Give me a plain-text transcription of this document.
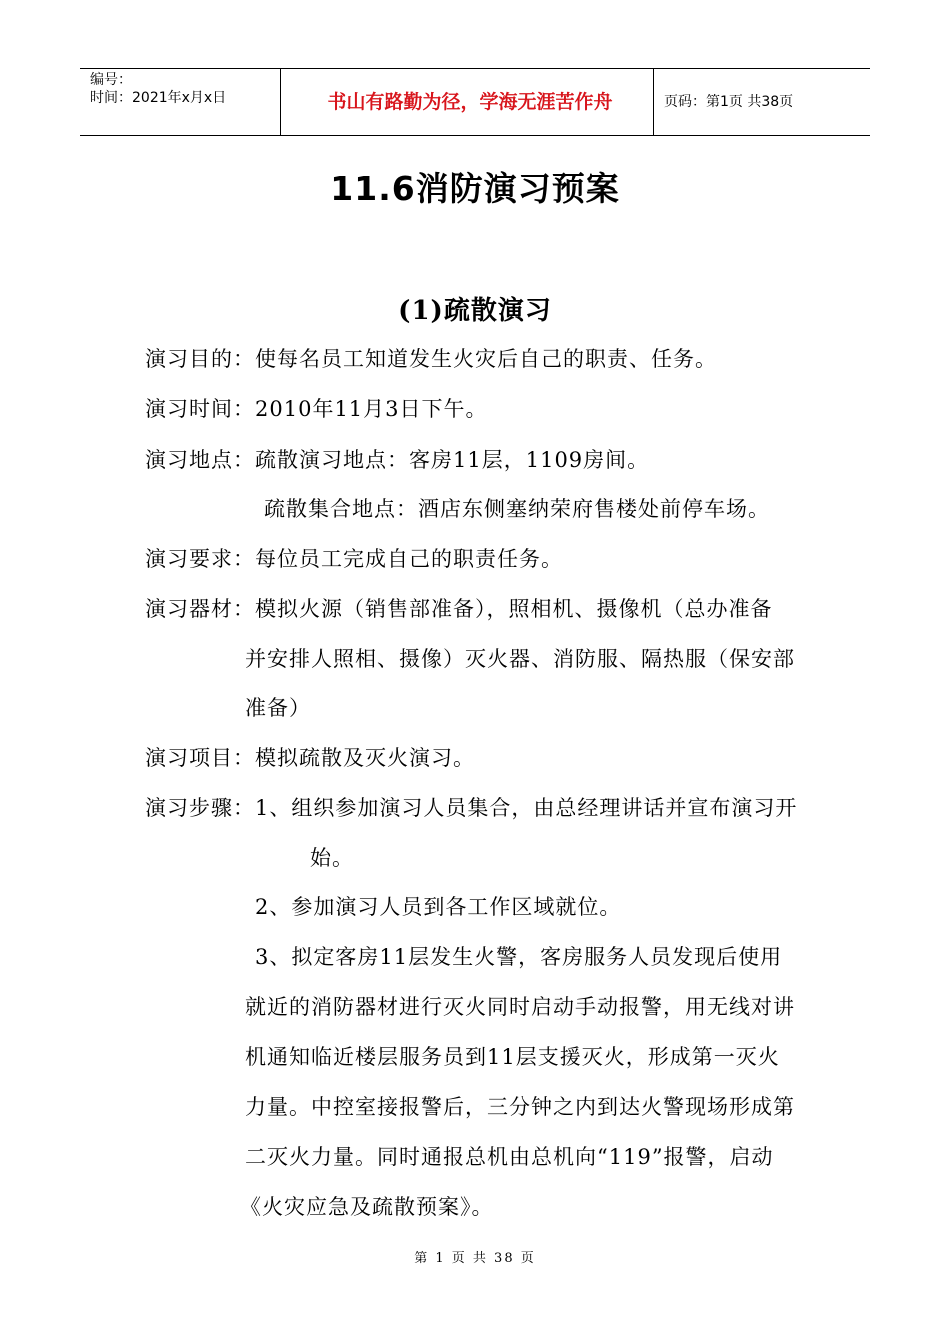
编号：
时间：2021年x月x日	书山有路勤为径，学海无涯苦作舟	页码：第1页 共38页
11.6消防演习预案
(1)疏散演习
演习目的：使每名员工知道发生火灾后自己的职责、任务。
演习时间：2010年11月3日下午。
演习地点：疏散演习地点：客房11层，1109房间。
疏散集合地点：酒店东侧塞纳荣府售楼处前停车场。
演习要求：每位员工完成自己的职责任务。
演习器材：模拟火源（销售部准备），照相机、摄像机（总办准备
并安排人照相、摄像）灭火器、消防服、隔热服（保安部
准备）
演习项目：模拟疏散及灭火演习。
演习步骤：1、组织参加演习人员集合，由总经理讲话并宣布演习开
始。
2、参加演习人员到各工作区域就位。
3、拟定客房11层发生火警，客房服务人员发现后使用
就近的消防器材进行灭火同时启动手动报警，用无线对讲
机通知临近楼层服务员到11层支援灭火，形成第一灭火
力量。中控室接报警后，三分钟之内到达火警现场形成第
二灭火力量。同时通报总机由总机向“119”报警，启动
《火灾应急及疏散预案》。
第 1 页 共 38 页
